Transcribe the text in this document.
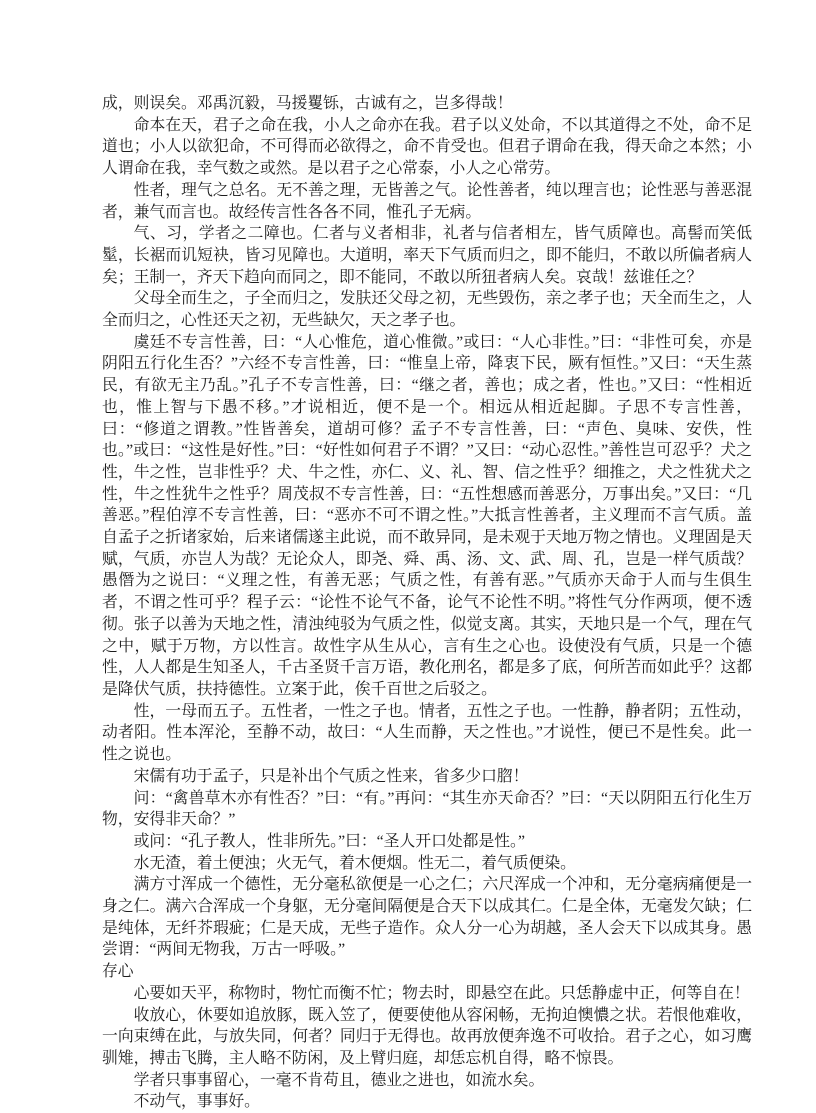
成，则误矣。邓禹沉毅，马援矍铄，古诚有之，岂多得哉！

命本在天，君子之命在我，小人之命亦在我。君子以义处命，不以其道得之不处，命不足道也；小人以欲犯命，不可得而必欲得之，命不肯受也。但君子谓命在我，得天命之本然；小人谓命在我，幸气数之或然。是以君子之心常泰，小人之心常劳。

性者，理气之总名。无不善之理，无皆善之气。论性善者，纯以理言也；论性恶与善恶混者，兼气而言也。故经传言性各各不同，惟孔子无病。

气、习，学者之二障也。仁者与义者相非，礼者与信者相左，皆气质障也。高髻而笑低髽，长裾而讥短袂，皆习见障也。大道明，率天下气质而归之，即不能归，不敢以所偏者病人矣；王制一，齐天下趋向而同之，即不能同，不敢以所狃者病人矣。哀哉！兹谁任之？

父母全而生之，子全而归之，发肤还父母之初，无些毁伤，亲之孝子也；天全而生之，人全而归之，心性还天之初，无些缺欠，天之孝子也。

虞廷不专言性善，曰：“人心惟危，道心惟微。”或曰：“人心非性。”曰：“非性可矣，亦是阴阳五行化生否？”六经不专言性善，曰：“惟皇上帝，降衷下民，厥有恒性。”又曰：“天生蒸民，有欲无主乃乱。”孔子不专言性善，曰：“继之者，善也；成之者，性也。”又曰：“性相近也，惟上智与下愚不移。”才说相近，便不是一个。相远从相近起脚。子思不专言性善，曰：“修道之谓教。”性皆善矣，道胡可修？孟子不专言性善，曰：“声色、臭味、安佚，性也。”或曰：“这性是好性。”曰：“好性如何君子不谓？”又曰：“动心忍性。”善性岂可忍乎？犬之性，牛之性，岂非性乎？犬、牛之性，亦仁、义、礼、智、信之性乎？细推之，犬之性犹犬之性，牛之性犹牛之性乎？周茂叔不专言性善，曰：“五性想感而善恶分，万事出矣。”又曰：“几善恶。”程伯淳不专言性善，曰：“恶亦不可不谓之性。”大抵言性善者，主义理而不言气质。盖自孟子之折诸家始，后来诸儒遂主此说，而不敢异同，是未观于天地万物之情也。义理固是天赋，气质，亦岂人为哉？无论众人，即尧、舜、禹、汤、文、武、周、孔，岂是一样气质哉？愚僭为之说曰：“义理之性，有善无恶；气质之性，有善有恶。”气质亦天命于人而与生俱生者，不谓之性可乎？程子云：“论性不论气不备，论气不论性不明。”将性气分作两项，便不透彻。张子以善为天地之性，清浊纯驳为气质之性，似觉支离。其实，天地只是一个气，理在气之中，赋于万物，方以性言。故性字从生从心，言有生之心也。设使没有气质，只是一个德性，人人都是生知圣人，千古圣贤千言万语，教化刑名，都是多了底，何所苦而如此乎？这都是降伏气质，扶持德性。立案于此，俟千百世之后驳之。

性，一母而五子。五性者，一性之子也。情者，五性之子也。一性静，静者阴；五性动，动者阳。性本浑沦，至静不动，故曰：“人生而静，天之性也。”才说性，便已不是性矣。此一性之说也。

宋儒有功于孟子，只是补出个气质之性来，省多少口脗！

问：“禽兽草木亦有性否？”曰：“有。”再问：“其生亦天命否？”曰：“天以阴阳五行化生万物，安得非天命？”

或问：“孔子教人，性非所先。”曰：“圣人开口处都是性。”

水无渣，着土便浊；火无气，着木便烟。性无二，着气质便染。

满方寸浑成一个德性，无分毫私欲便是一心之仁；六尺浑成一个冲和，无分毫病痛便是一身之仁。满六合浑成一个身躯，无分毫间隔便是合天下以成其仁。仁是全体，无毫发欠缺；仁是纯体，无纤芥瑕疵；仁是天成，无些子造作。众人分一心为胡越，圣人会天下以成其身。愚尝谓：“两间无物我，万古一呼吸。”

存心

心要如天平，称物时，物忙而衡不忙；物去时，即悬空在此。只恁静虚中正，何等自在！

收放心，休要如追放豚，既入笠了，便要使他从容闲畅，无拘迫懊憹之状。若恨他难收，一向束缚在此，与放失同，何者？同归于无得也。故再放便奔逸不可收拾。君子之心，如习鹰驯雉，搏击飞腾，主人略不防闲，及上臂归庭，却恁忘机自得，略不惊畏。

学者只事事留心，一毫不肯苟且，德业之进也，如流水矣。

不动气，事事好。
